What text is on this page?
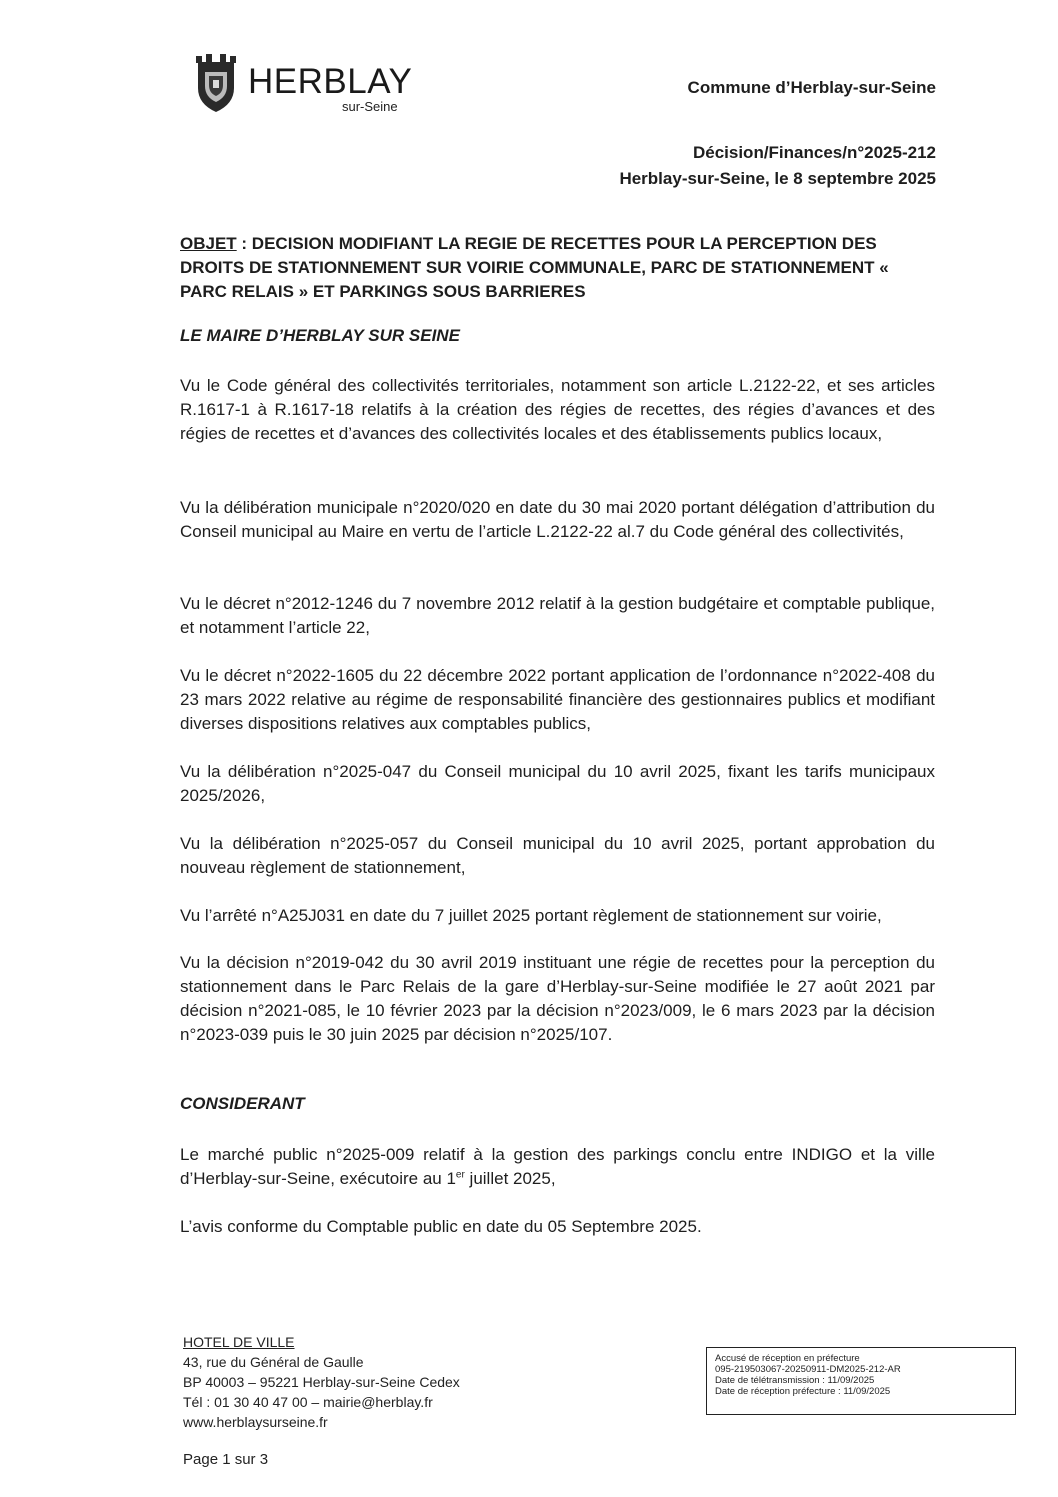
HERBLAY
sur-Seine
Commune d’Herblay-sur-Seine
Décision/Finances/n°2025-212
Herblay-sur-Seine, le 8 septembre 2025
OBJET : DECISION MODIFIANT LA REGIE DE RECETTES POUR LA PERCEPTION DES DROITS DE STATIONNEMENT SUR VOIRIE COMMUNALE, PARC DE STATIONNEMENT « PARC RELAIS » ET PARKINGS SOUS BARRIERES
LE MAIRE D’HERBLAY SUR SEINE
Vu le Code général des collectivités territoriales, notamment son article L.2122-22, et ses articles R.1617-1 à R.1617-18 relatifs à la création des régies de recettes, des régies d’avances et des régies de recettes et d’avances des collectivités locales et des établissements publics locaux,
Vu la délibération municipale n°2020/020 en date du 30 mai 2020 portant délégation d’attribution du Conseil municipal au Maire en vertu de l’article L.2122-22 al.7 du Code général des collectivités,
Vu le décret n°2012-1246 du 7 novembre 2012 relatif à la gestion budgétaire et comptable publique, et notamment l’article 22,
Vu le décret n°2022-1605 du 22 décembre 2022 portant application de l’ordonnance n°2022-408 du 23 mars 2022 relative au régime de responsabilité financière des gestionnaires publics et modifiant diverses dispositions relatives aux comptables publics,
Vu la délibération n°2025-047 du Conseil municipal du 10 avril 2025, fixant les tarifs municipaux 2025/2026,
Vu la délibération n°2025-057 du Conseil municipal du 10 avril 2025, portant approbation du nouveau règlement de stationnement,
Vu l’arrêté n°A25J031 en date du 7 juillet 2025 portant règlement de stationnement sur voirie,
Vu la décision n°2019-042 du 30 avril 2019 instituant une régie de recettes pour la perception du stationnement dans le Parc Relais de la gare d’Herblay-sur-Seine modifiée le 27 août 2021 par décision n°2021-085, le 10 février 2023 par la décision n°2023/009, le 6 mars 2023 par la décision n°2023-039 puis le 30 juin 2025 par décision n°2025/107.
CONSIDERANT
Le marché public n°2025-009 relatif à la gestion des parkings conclu entre INDIGO et la ville d’Herblay-sur-Seine, exécutoire au 1er juillet 2025,
L’avis conforme du Comptable public en date du 05 Septembre 2025.
HOTEL DE VILLE
43, rue du Général de Gaulle
BP 40003 – 95221 Herblay-sur-Seine Cedex
Tél : 01 30 40 47 00 – mairie@herblay.fr
www.herblaysurseine.fr
Accusé de réception en préfecture
095-219503067-20250911-DM2025-212-AR
Date de télétransmission : 11/09/2025
Date de réception préfecture : 11/09/2025
Page 1 sur 3
